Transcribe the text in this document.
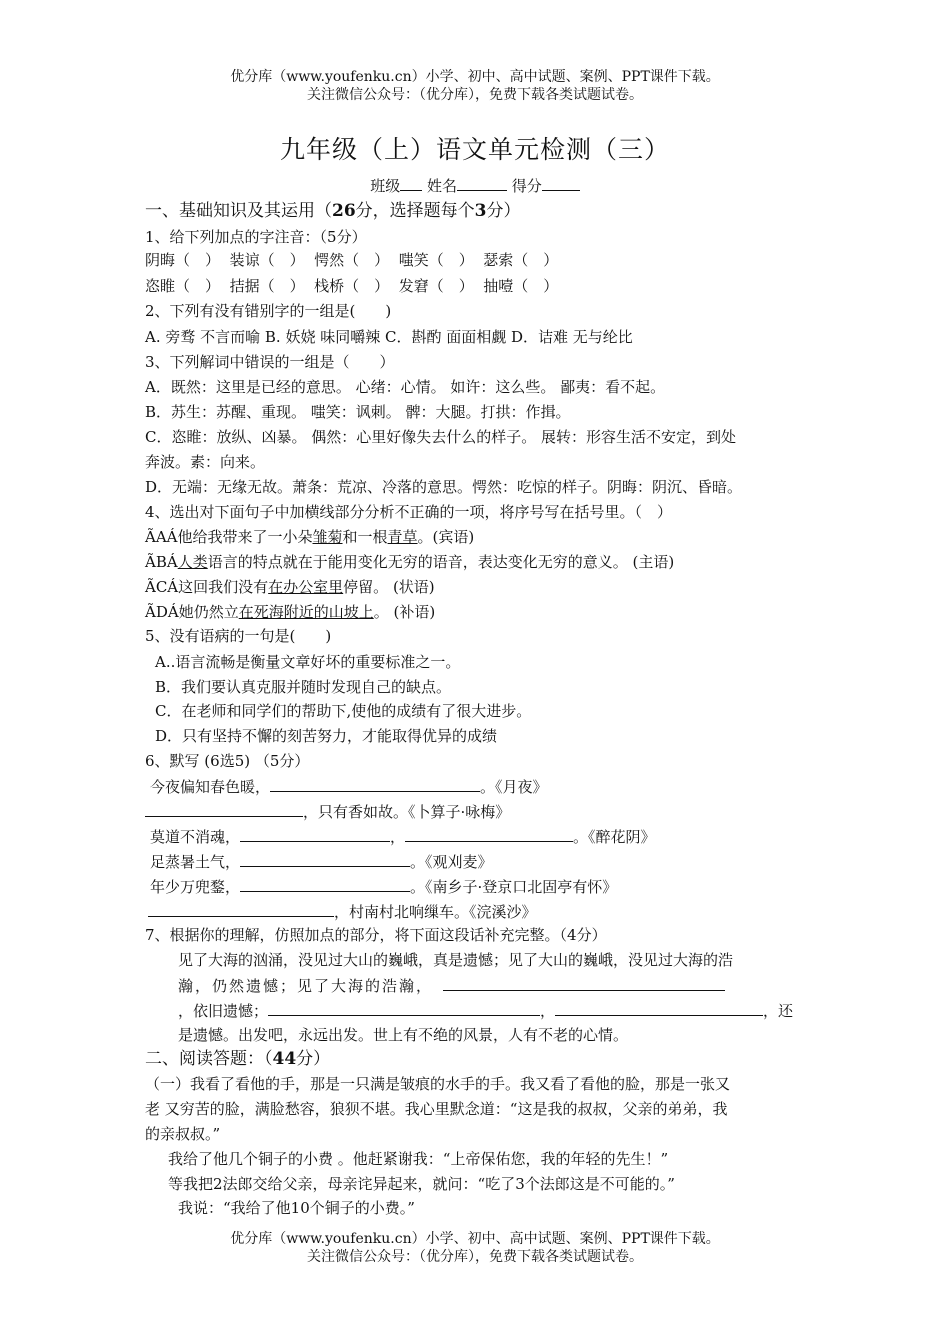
优分库（www.youfenku.cn）小学、初中、高中试题、案例、PPT课件下载。
关注微信公众号：（优分库），免费下载各类试题试卷。
九年级（上）语文单元检测（三）
班级 姓名	得分
一、基础知识及其运用（26分，选择题每个3分）
1、给下列加点的字注音：（5分）
阴晦（　） 装谅（　） 愕然（　） 嗤笑（　） 瑟索（　）
恣睢（　） 拮据（　） 栈桥（　） 发窘（　） 抽噎（　）
2、下列有没有错别字的一组是(　　)
A. 旁骛 不言而喻 B. 妖娆 味同嚼辣 C．斟酌 面面相觑 D．诘难 无与纶比
3、下列解词中错误的一组是（　　）
A．既然：这里是已经的意思。 心绪：心情。 如许：这么些。 鄙夷：看不起。
B．苏生：苏醒、重现。 嗤笑：讽刺。 髀：大腿。打拱：作揖。
C．恣睢：放纵、凶暴。 偶然：心里好像失去什么的样子。 展转：形容生活不安定，到处
奔波。素：向来。
D．无端：无缘无故。萧条：荒凉、冷落的意思。愕然：吃惊的样子。阴晦：阴沉、昏暗。
4、选出对下面句子中加横线部分分析不正确的一项，将序号写在括号里。（　）
ÃAÁ他给我带来了一小朵雏菊和一根青草。(宾语)
ÃBÁ人类语言的特点就在于能用变化无穷的语音，表达变化无穷的意义。 (主语)
ÃCÁ这回我们没有在办公室里停留。 (状语)
ÃDÁ她仍然立在死海附近的山坡上。 (补语)
5、没有语病的一句是(　　)
A..语言流畅是衡量文章好坏的重要标准之一。
B．我们要认真克服并随时发现自己的缺点。
C．在老师和同学们的帮助下,使他的成绩有了很大进步。
D．只有坚持不懈的刻苦努力，才能取得优异的成绩
6、默写 (6选5) （5分）
今夜偏知春色暖，	。《月夜》
，只有香如故。《卜算子·咏梅》
莫道不消魂，	，	。《醉花阴》
足蒸暑土气，	。《观刈麦》
年少万兜鍪，	。《南乡子·登京口北固亭有怀》
，村南村北响缫车。《浣溪沙》
7、根据你的理解，仿照加点的部分，将下面这段话补充完整。（4分）
见了大海的汹涌，没见过大山的巍峨，真是遗憾；见了大山的巍峨，没见过大海的浩
瀚，仍然遗憾；见了大海的浩瀚，
，依旧遗憾；	，	，还
是遗憾。出发吧，永远出发。世上有不绝的风景，人有不老的心情。
二、阅读答题：（44分）
（一）我看了看他的手，那是一只满是皱痕的水手的手。我又看了看他的脸，那是一张又
老 又穷苦的脸，满脸愁容，狼狈不堪。我心里默念道：“这是我的叔叔，父亲的弟弟，我
的亲叔叔。”
我给了他几个铜子的小费 。他赶紧谢我：“上帝保佑您，我的年轻的先生！”
等我把2法郎交给父亲，母亲诧异起来，就问：“吃了3个法郎这是不可能的。”
我说：“我给了他10个铜子的小费。”
优分库（www.youfenku.cn）小学、初中、高中试题、案例、PPT课件下载。
关注微信公众号：（优分库），免费下载各类试题试卷。
